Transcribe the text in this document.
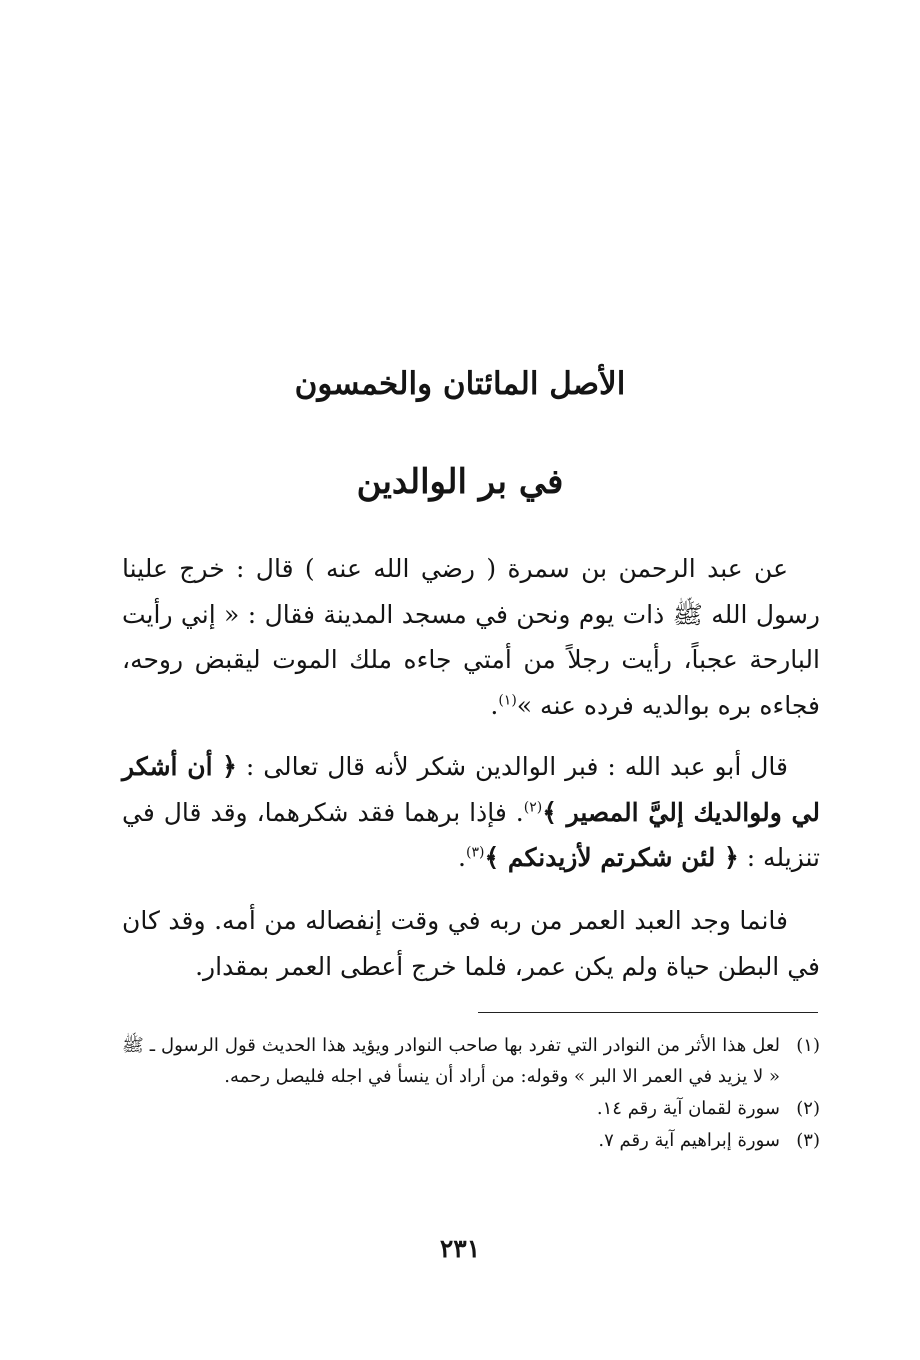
الأصل المائتان والخمسون
في بر الوالدين

عن عبد الرحمن بن سمرة ( رضي الله عنه ) قال : خرج علينا رسول الله ﷺ ذات يوم ونحن في مسجد المدينة فقال : « إني رأيت البارحة عجباً، رأيت رجلاً من أمتي جاءه ملك الموت ليقبض روحه، فجاءه بره بوالديه فرده عنه »$^{(١)}$.

قال أبو عبد الله : فبر الوالدين شكر لأنه قال تعالى : ﴿ أن أشكر لي ولوالديك إليَّ المصير ﴾$^{(٢)}$. فإذا برهما فقد شكرهما، وقد قال في تنزيله : ﴿ لئن شكرتم لأزيدنكم ﴾$^{(٣)}$.

فانما وجد العبد العمر من ربه في وقت إنفصاله من أمه. وقد كان في البطن حياة ولم يكن عمر، فلما خرج أعطى العمر بمقدار.

(١)
لعل هذا الأثر من النوادر التي تفرد بها صاحب النوادر ويؤيد هذا الحديث قول الرسول ـ ﷺ « لا يزيد في العمر الا البر » وقوله: من أراد أن ينسأ في اجله فليصل رحمه.

(٢)
سورة لقمان آية رقم ١٤.

(٣)
سورة إبراهيم آية رقم ٧.

٢٣١
